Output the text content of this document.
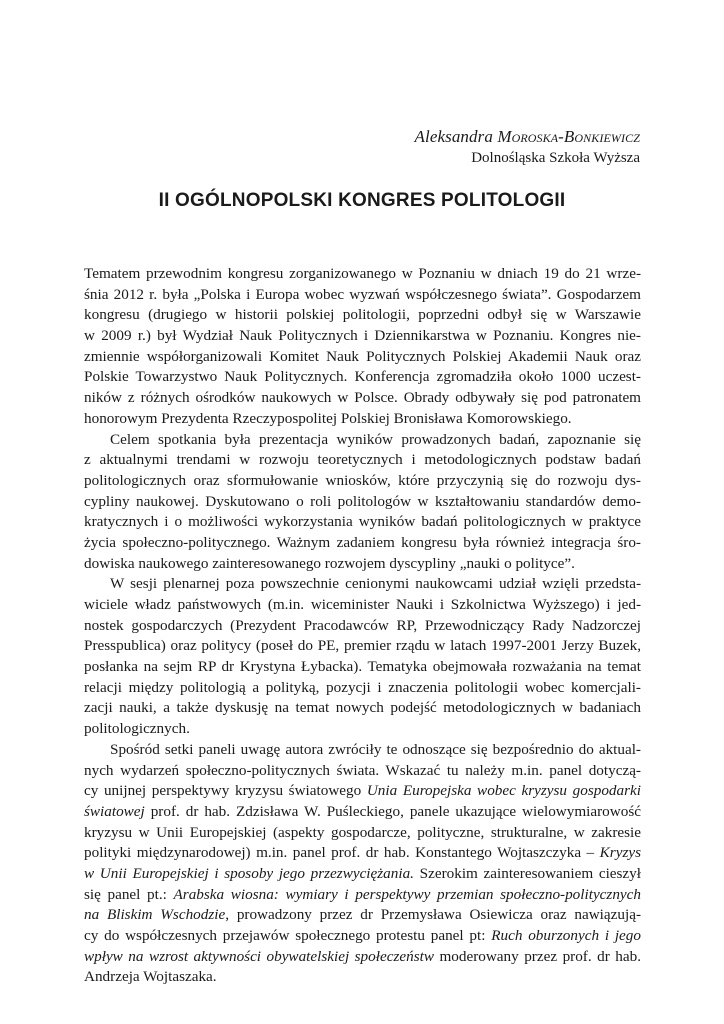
Aleksandra Moroska-Bonkiewicz
Dolnośląska Szkoła Wyższa
II OGÓLNOPOLSKI KONGRES POLITOLOGII
Tematem przewodnim kongresu zorganizowanego w Poznaniu w dniach 19 do 21 wrze-
śnia 2012 r. była „Polska i Europa wobec wyzwań współczesnego świata”. Gospodarzem
kongresu (drugiego w historii polskiej politologii, poprzedni odbył się w Warszawie
w 2009 r.) był Wydział Nauk Politycznych i Dziennikarstwa w Poznaniu. Kongres nie-
zmiennie współorganizowali Komitet Nauk Politycznych Polskiej Akademii Nauk oraz
Polskie Towarzystwo Nauk Politycznych. Konferencja zgromadziła około 1000 uczest-
ników z różnych ośrodków naukowych w Polsce. Obrady odbywały się pod patronatem
honorowym Prezydenta Rzeczypospolitej Polskiej Bronisława Komorowskiego.
Celem spotkania była prezentacja wyników prowadzonych badań, zapoznanie się
z aktualnymi trendami w rozwoju teoretycznych i metodologicznych podstaw badań
politologicznych oraz sformułowanie wniosków, które przyczynią się do rozwoju dys-
cypliny naukowej. Dyskutowano o roli politologów w kształtowaniu standardów demo-
kratycznych i o możliwości wykorzystania wyników badań politologicznych w praktyce
życia społeczno-politycznego. Ważnym zadaniem kongresu była również integracja śro-
dowiska naukowego zainteresowanego rozwojem dyscypliny „nauki o polityce”.
W sesji plenarnej poza powszechnie cenionymi naukowcami udział wzięli przedsta-
wiciele władz państwowych (m.in. wiceminister Nauki i Szkolnictwa Wyższego) i jed-
nostek gospodarczych (Prezydent Pracodawców RP, Przewodniczący Rady Nadzorczej
Presspublica) oraz politycy (poseł do PE, premier rządu w latach 1997-2001 Jerzy Buzek,
posłanka na sejm RP dr Krystyna Łybacka). Tematyka obejmowała rozważania na temat
relacji między politologią a polityką, pozycji i znaczenia politologii wobec komercjali-
zacji nauki, a także dyskusję na temat nowych podejść metodologicznych w badaniach
politologicznych.
Spośród setki paneli uwagę autora zwróciły te odnoszące się bezpośrednio do aktual-
nych wydarzeń społeczno-politycznych świata. Wskazać tu należy m.in. panel dotyczą-
cy unijnej perspektywy kryzysu światowego Unia Europejska wobec kryzysu gospodarki
światowej prof. dr hab. Zdzisława W. Puśleckiego, panele ukazujące wielowymiarowość
kryzysu w Unii Europejskiej (aspekty gospodarcze, polityczne, strukturalne, w zakresie
polityki międzynarodowej) m.in. panel prof. dr hab. Konstantego Wojtaszczyka – Kryzys
w Unii Europejskiej i sposoby jego przezwyciężania. Szerokim zainteresowaniem cieszył
się panel pt.: Arabska wiosna: wymiary i perspektywy przemian społeczno-politycznych
na Bliskim Wschodzie, prowadzony przez dr Przemysława Osiewicza oraz nawiązują-
cy do współczesnych przejawów społecznego protestu panel pt: Ruch oburzonych i jego
wpływ na wzrost aktywności obywatelskiej społeczeństw moderowany przez prof. dr hab.
Andrzeja Wojtaszaka.
